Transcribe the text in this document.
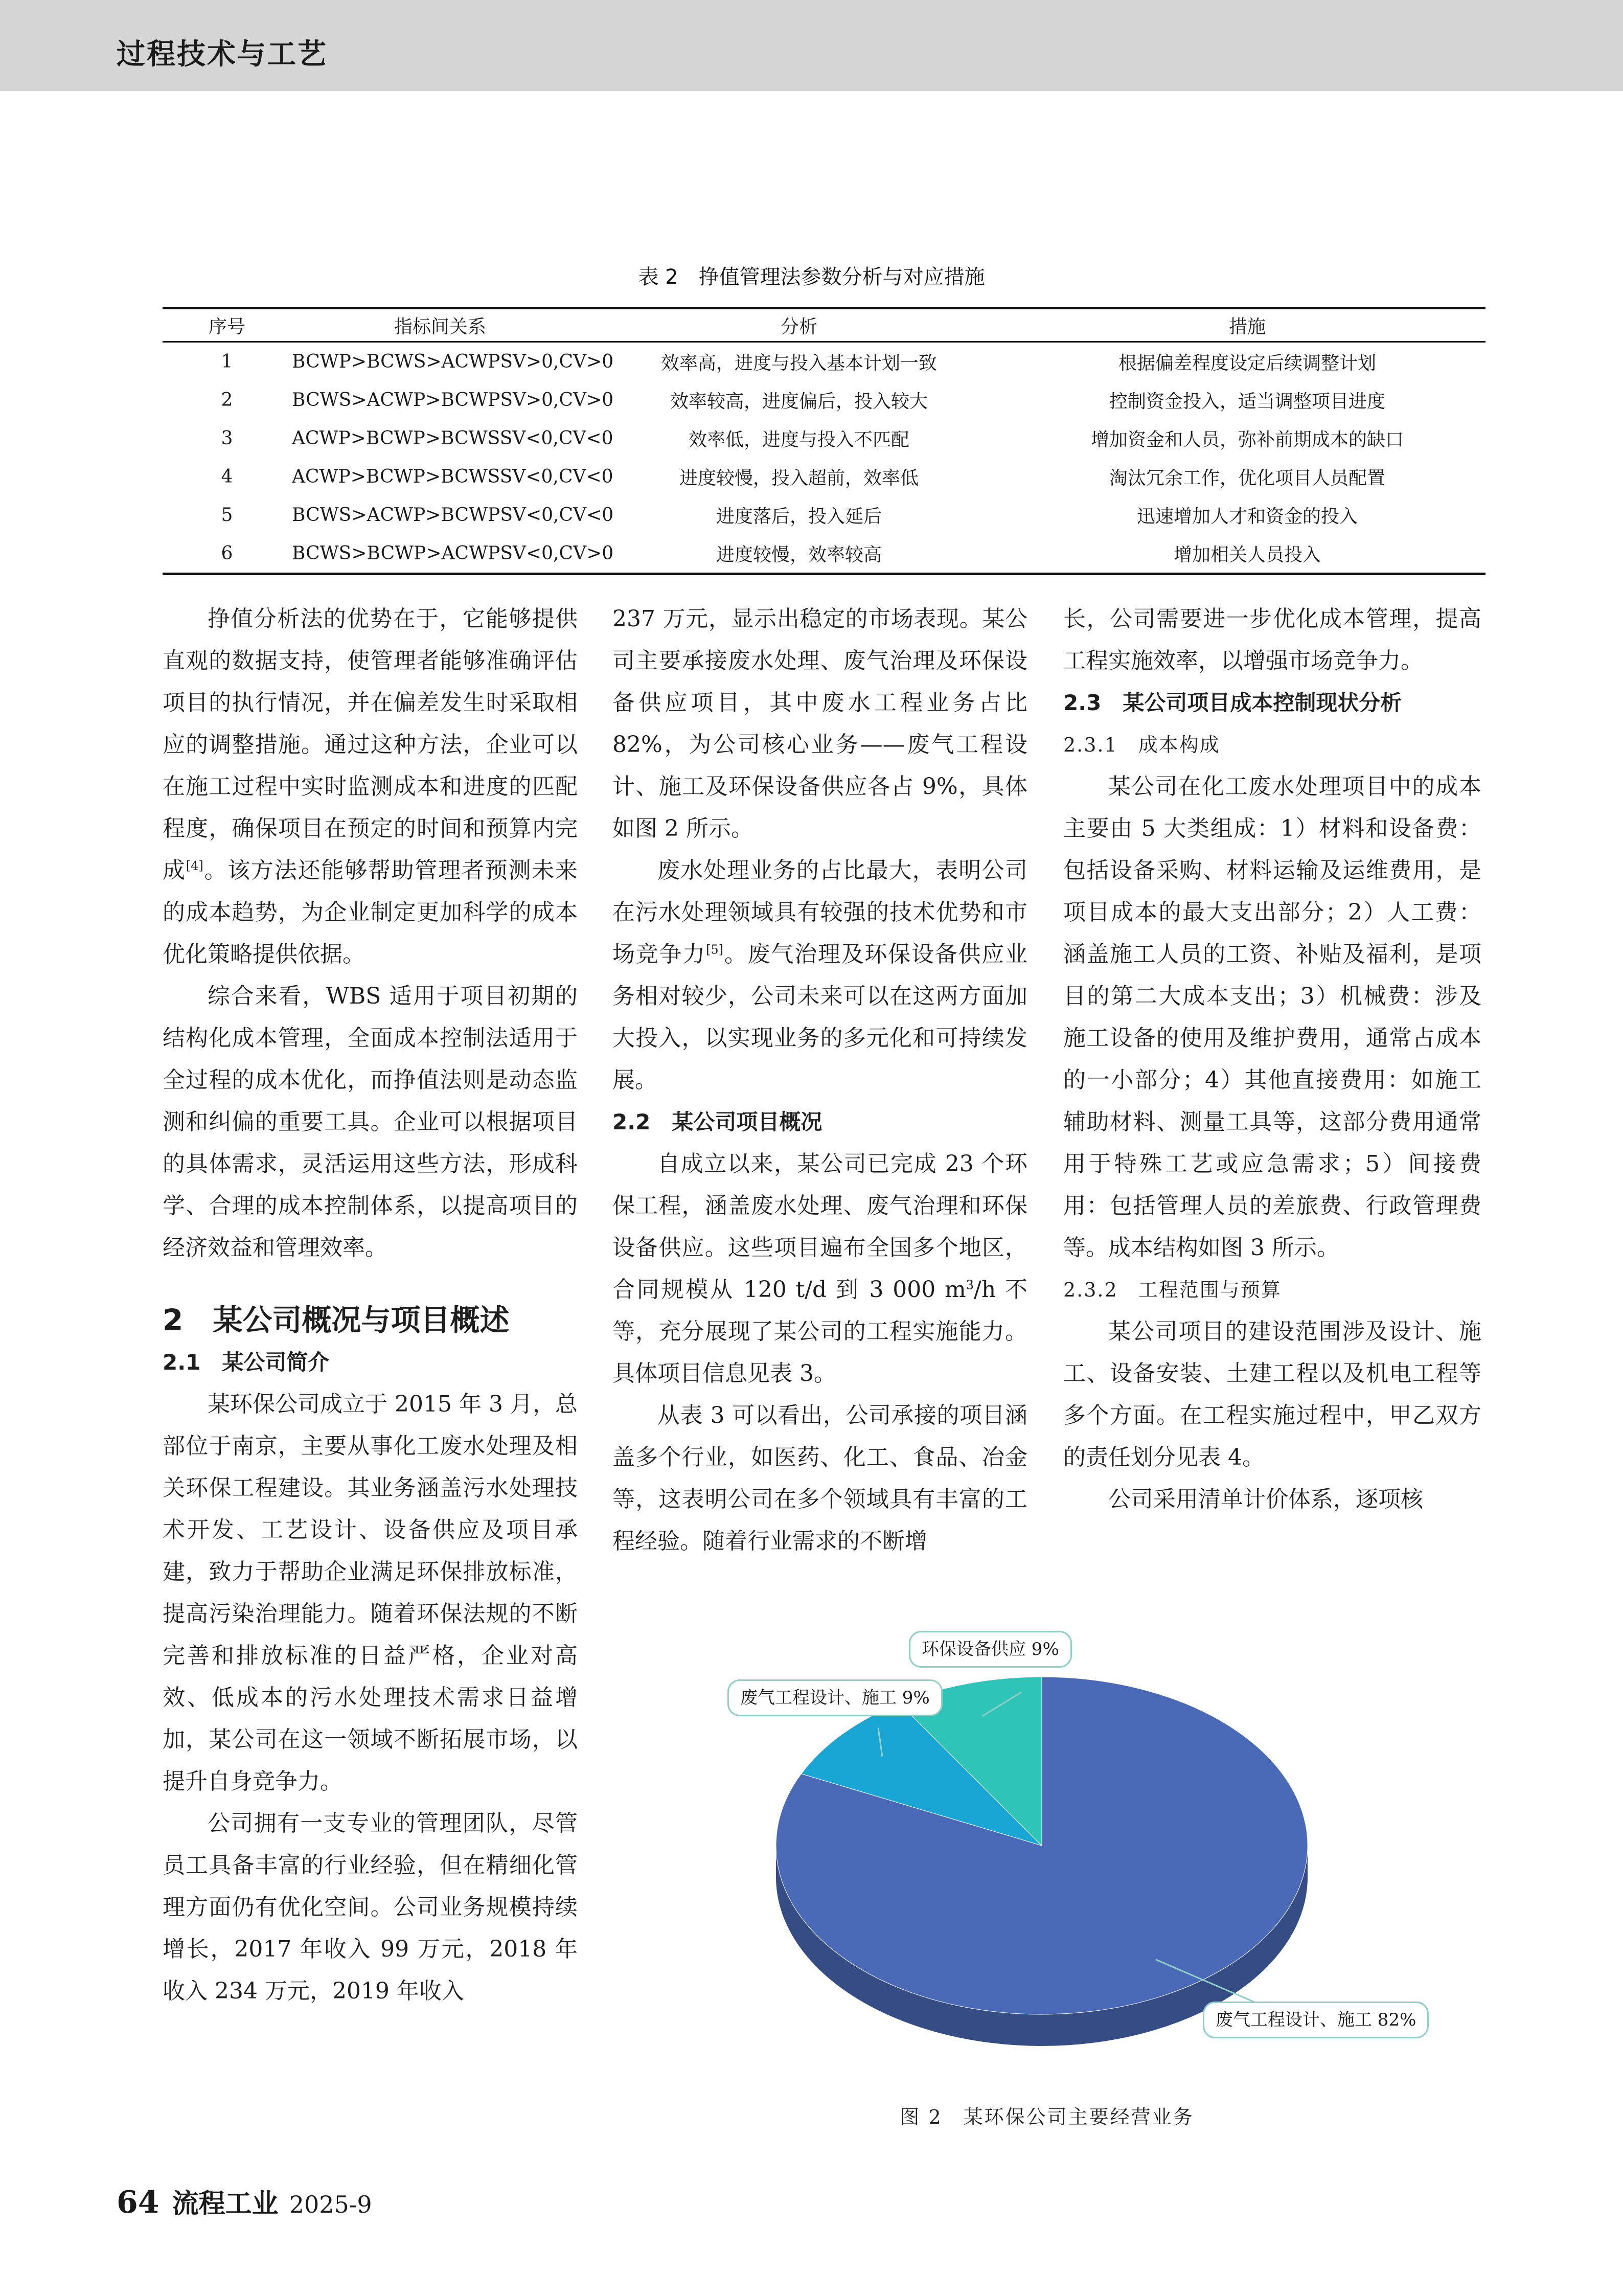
过程技术与工艺
表 2　挣值管理法参数分析与对应措施
序号	指标间关系	分析	措施
1	BCWP>BCWS>ACWPSV>0,CV>0	效率高，进度与投入基本计划一致	根据偏差程度设定后续调整计划
2	BCWS>ACWP>BCWPSV>0,CV>0	效率较高，进度偏后，投入较大	控制资金投入，适当调整项目进度
3	ACWP>BCWP>BCWSSV<0,CV<0	效率低，进度与投入不匹配	增加资金和人员，弥补前期成本的缺口
4	ACWP>BCWP>BCWSSV<0,CV<0	进度较慢，投入超前，效率低	淘汰冗余工作，优化项目人员配置
5	BCWS>ACWP>BCWPSV<0,CV<0	进度落后，投入延后	迅速增加人才和资金的投入
6	BCWS>BCWP>ACWPSV<0,CV>0	进度较慢，效率较高	增加相关人员投入

挣值分析法的优势在于，它能够提供直观的数据支持，使管理者能够准确评估项目的执行情况，并在偏差发生时采取相应的调整措施。通过这种方法，企业可以在施工过程中实时监测成本和进度的匹配程度，确保项目在预定的时间和预算内完成[4]。该方法还能够帮助管理者预测未来的成本趋势，为企业制定更加科学的成本优化策略提供依据。

综合来看，WBS 适用于项目初期的结构化成本管理，全面成本控制法适用于全过程的成本优化，而挣值法则是动态监测和纠偏的重要工具。企业可以根据项目的具体需求，灵活运用这些方法，形成科学、合理的成本控制体系，以提高项目的经济效益和管理效率。

2　某公司概况与项目概述
2.1　某公司简介

某环保公司成立于 2015 年 3 月，总部位于南京，主要从事化工废水处理及相关环保工程建设。其业务涵盖污水处理技术开发、工艺设计、设备供应及项目承建，致力于帮助企业满足环保排放标准，提高污染治理能力。随着环保法规的不断完善和排放标准的日益严格，企业对高效、低成本的污水处理技术需求日益增加，某公司在这一领域不断拓展市场，以提升自身竞争力。

公司拥有一支专业的管理团队，尽管员工具备丰富的行业经验，但在精细化管理方面仍有优化空间。公司业务规模持续增长，2017 年收入 99 万元，2018 年收入 234 万元，2019 年收入

237 万元，显示出稳定的市场表现。某公司主要承接废水处理、废气治理及环保设备供应项目，其中废水工程业务占比 82%，为公司核心业务——废气工程设计、施工及环保设备供应各占 9%，具体如图 2 所示。

废水处理业务的占比最大，表明公司在污水处理领域具有较强的技术优势和市场竞争力[5]。废气治理及环保设备供应业务相对较少，公司未来可以在这两方面加大投入，以实现业务的多元化和可持续发展。

2.2　某公司项目概况

自成立以来，某公司已完成 23 个环保工程，涵盖废水处理、废气治理和环保设备供应。这些项目遍布全国多个地区，合同规模从 120 t/d 到 3 000 $m^3/h$ 不等，充分展现了某公司的工程实施能力。具体项目信息见表 3。

从表 3 可以看出，公司承接的项目涵盖多个行业，如医药、化工、食品、冶金等，这表明公司在多个领域具有丰富的工程经验。随着行业需求的不断增

长，公司需要进一步优化成本管理，提高工程实施效率，以增强市场竞争力。

2.3　某公司项目成本控制现状分析
2.3.1　成本构成

某公司在化工废水处理项目中的成本主要由 5 大类组成：1）材料和设备费：包括设备采购、材料运输及运维费用，是项目成本的最大支出部分；2）人工费：涵盖施工人员的工资、补贴及福利，是项目的第二大成本支出；3）机械费：涉及施工设备的使用及维护费用，通常占成本的一小部分；4）其他直接费用：如施工辅助材料、测量工具等，这部分费用通常用于特殊工艺或应急需求；5）间接费用：包括管理人员的差旅费、行政管理费等。成本结构如图 3 所示。

2.3.2　工程范围与预算

某公司项目的建设范围涉及设计、施工、设备安装、土建工程以及机电工程等多个方面。在工程实施过程中，甲乙双方的责任划分见表 4。

公司采用清单计价体系，逐项核

废气工程设计、施工 9%
环保设备供应 9%
废气工程设计、施工 82%
图 2　某环保公司主要经营业务
64 流程工业 2025-9
